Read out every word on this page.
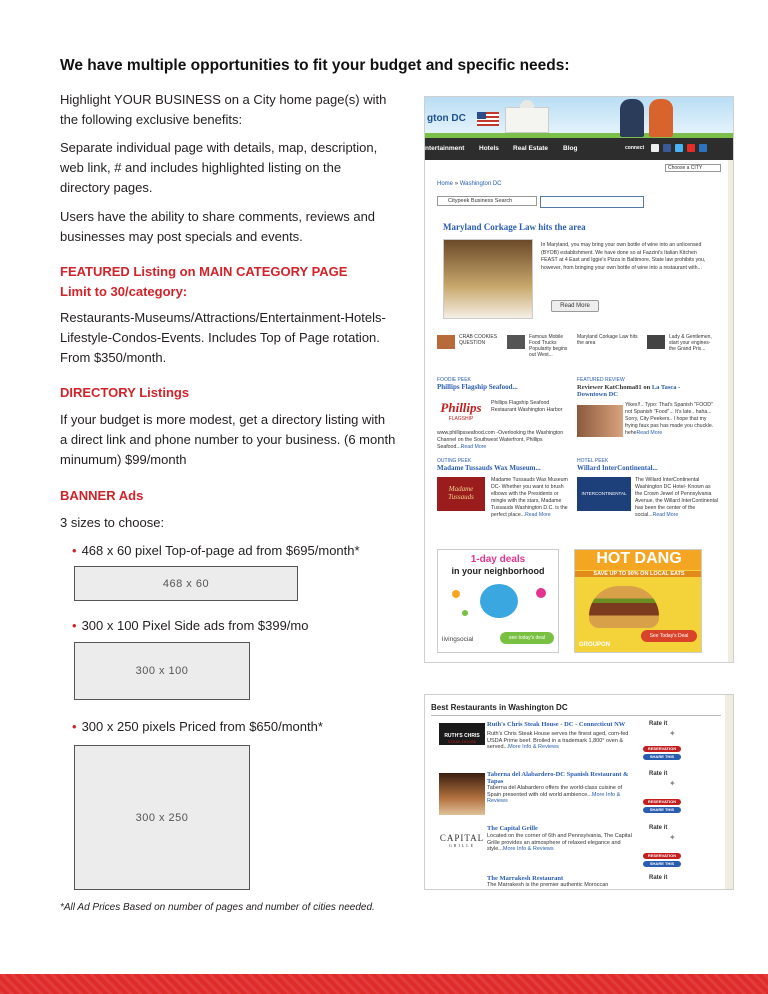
We have multiple opportunities to fit your budget and specific needs:
Highlight YOUR BUSINESS on a City home page(s) with
the following exclusive benefits:
Separate individual page with details, map, description,
web link, # and includes highlighted listing on the
directory pages.
Users have the ability to share comments, reviews and
businesses may post specials and events.
FEATURED Listing on MAIN CATEGORY PAGE
Limit to 30/category:
Restaurants-Museums/Attractions/Entertainment-Hotels-
Lifestyle-Condos-Events. Includes Top of Page rotation.
From $350/month.
DIRECTORY Listings
If your budget is more modest, get a directory listing with
a direct link and phone number to your business. (6 month
minumum) $99/month
BANNER Ads
3 sizes to choose:
• 468 x 60 pixel Top-of-page ad from $695/month*
468 x 60
• 300 x 100 Pixel Side ads from $399/mo
300 x 100
• 300 x 250 pixels Priced from $650/month*
300 x 250
*All Ad Prices Based on number of pages and number of cities needed.
gton DC
ntertainment Hotels Real Estate Blog	connect
Choose a CITY
Home » Washington DC
Citypeek Business Search
Maryland Corkage Law hits the area
In Maryland, you may bring your own bottle of wine into an unlicensed (BYOB) establishment. We have done so at Fazzini's Italian Kitchen FEAST at 4 East and Iggie's Pizza in Baltimore. State law prohibits you, however, from bringing your own bottle of wine into a restaurant with...
Read More
CRAB COOKIES QUESTION
Famous Mobile Food Trucks Popularity begins out West...
Maryland Corkage Law hits the area
Lady & Gentlemen, start your engines-the Grand Prix...
FOODIE PEEK
Phillips Flagship Seafood...
Phillips
FLAGSHIP
Phillips Flagship Seafood Restaurant Washington Harbor
www.phillipsseafood.com -Overlooking the Washington Channel on the Southwest Waterfront, Phillips Seafood...Read More
FEATURED REVIEW
Reviewer KatChoma81 on La Tasca - Downtown DC
Yikes!!.. Typo: That's Spanish "FOOD" not Spanish "Food"... It's late.. haha... Sorry, City Peekers.. I hope that my frying faux pas has made you chuckle. heheRead More
OUTING PEEK
Madame Tussauds Wax Museum...
Madame Tussauds
Madame Tussauds Wax Museum DC- Whether you want to brush elbows with the Presidents or mingle with the stars, Madame Tussauds Washington D.C. is the perfect place...Read More
HOTEL PEEK
Willard InterContinental...
INTERCONTINENTAL
The Willard InterContinental Washington DC Hotel- Known as the Crown Jewel of Pennsylvania Avenue, the Willard InterContinental has been the center of the social...Read More
1-day deals
in your neighborhood
livingsocial	see today's deal
HOT DANG
SAVE UP TO 90% ON LOCAL EATS
GROUPON
See Today's Deal
Best Restaurants in Washington DC
RUTH'S CHRIS
STEAK HOUSE
Ruth's Chris Steak House - DC - Connecticut NW
Ruth's Chris Steak House serves the finest aged, corn-fed USDA Prime beef. Broiled in a trademark 1,800° oven & served...More Info & Reviews
Rate it
✦
RESERVATION
SHARE THIS
Taberna del Alabardero-DC Spanish Restaurant & Tapas
Taberna del Alabardero offers the world-class cuisine of Spain presented with old world ambience...More Info & Reviews
Rate it
✦
RESERVATION
SHARE THIS
CAPITAL
GRILLE
The Capital Grille
Located on the corner of 6th and Pennsylvania, The Capital Grille provides an atmosphere of relaxed elegance and style...More Info & Reviews
Rate it
✦
RESERVATION
SHARE THIS
The Marrakesh Restaurant
The Marrakesh is the premier authentic Moroccan
Rate it
